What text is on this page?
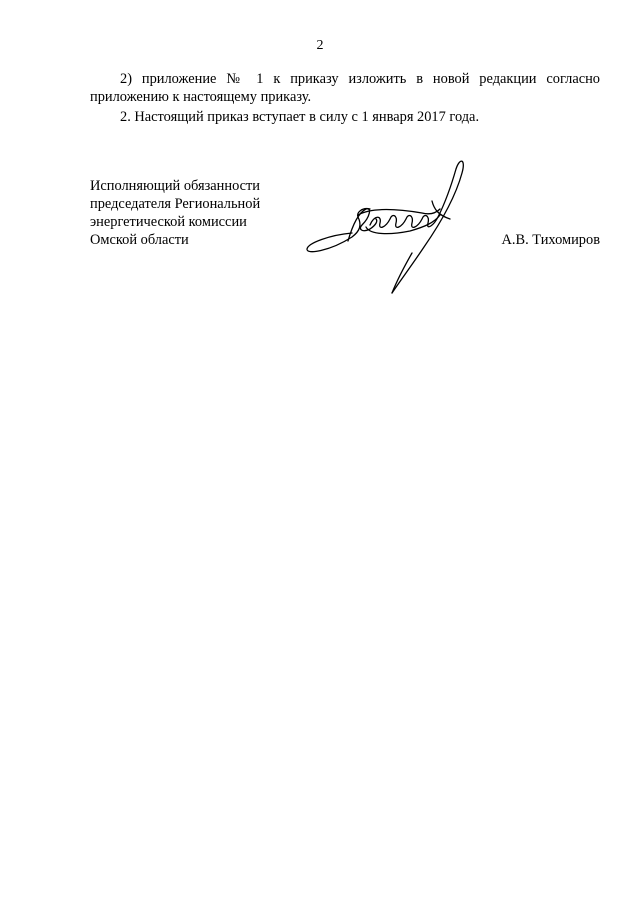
2
2) приложение № 1 к приказу изложить в новой редакции согласно
приложению к настоящему приказу.
2. Настоящий приказ вступает в силу с 1 января 2017 года.
Исполняющий обязанности
председателя Региональной
энергетической комиссии
Омской области	А.В. Тихомиров
